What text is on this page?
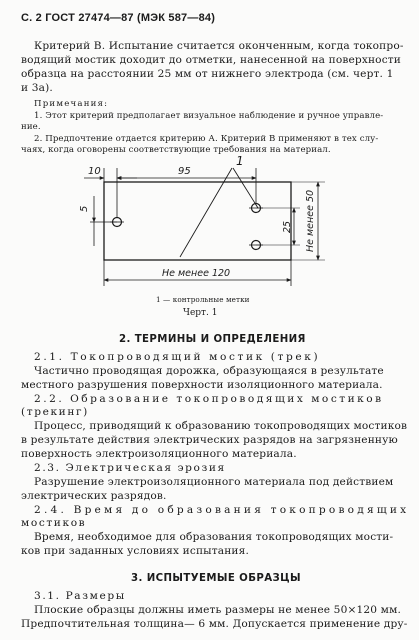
С. 2 ГОСТ 27474—87 (МЭК 587—84)
Критерий В. Испытание считается оконченным, когда токопро-
водящий мостик доходит до отметки, нанесенной на поверхности
образца на расстоянии 25 мм от нижнего электрода (см. черт. 1
и 3а).
Примечания:
1. Этот критерий предполагает визуальное наблюдение и ручное управле-
ние.
2. Предпочтение отдается критерию А. Критерий В применяют в тех слу-
чаях, когда оговорены соответствующие требования на материал.
10	95
5
25 Не менее 50
Не менее 120
1
1 — контрольные метки
Черт. 1
2. ТЕРМИНЫ И ОПРЕДЕЛЕНИЯ
2.1. Токопроводящий мостик (трек)
Частично проводящая дорожка, образующаяся в результате
местного разрушения поверхности изоляционного материала.
2.2. Образование токопроводящих мостиков
(трекинг)
Процесс, приводящий к образованию токопроводящих мостиков
в результате действия электрических разрядов на загрязненную
поверхность электроизоляционного материала.
2.3. Электрическая эрозия
Разрушение электроизоляционного материала под действием
электрических разрядов.
2.4. Время до образования токопроводящих
мостиков
Время, необходимое для образования токопроводящих мости-
ков при заданных условиях испытания.
3. ИСПЫТУЕМЫЕ ОБРАЗЦЫ
3.1. Размеры
Плоские образцы должны иметь размеры не менее 50×120 мм.
Предпочтительная толщина— 6 мм. Допускается применение дру-
